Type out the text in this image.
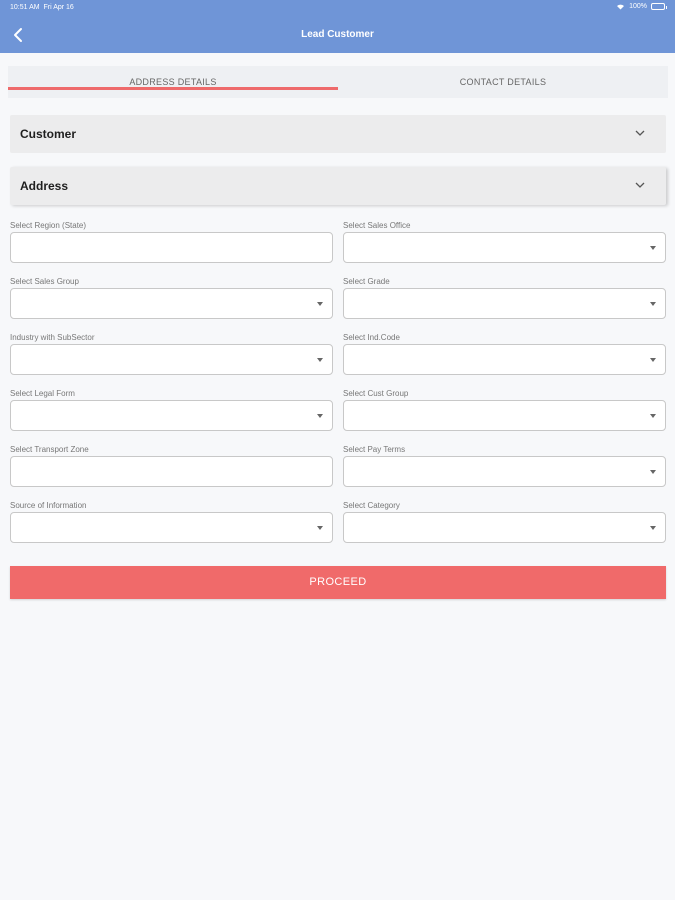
10:51 AM Fri Apr 16	100%
Lead Customer
ADDRESS DETAILS	CONTACT DETAILS
Customer
Address
Select Region (State)	Select Sales Office
Select Sales Group	Select Grade
Industry with SubSector	Select Ind.Code
Select Legal Form	Select Cust Group
Select Transport Zone	Select Pay Terms
Source of Information	Select Category
PROCEED
